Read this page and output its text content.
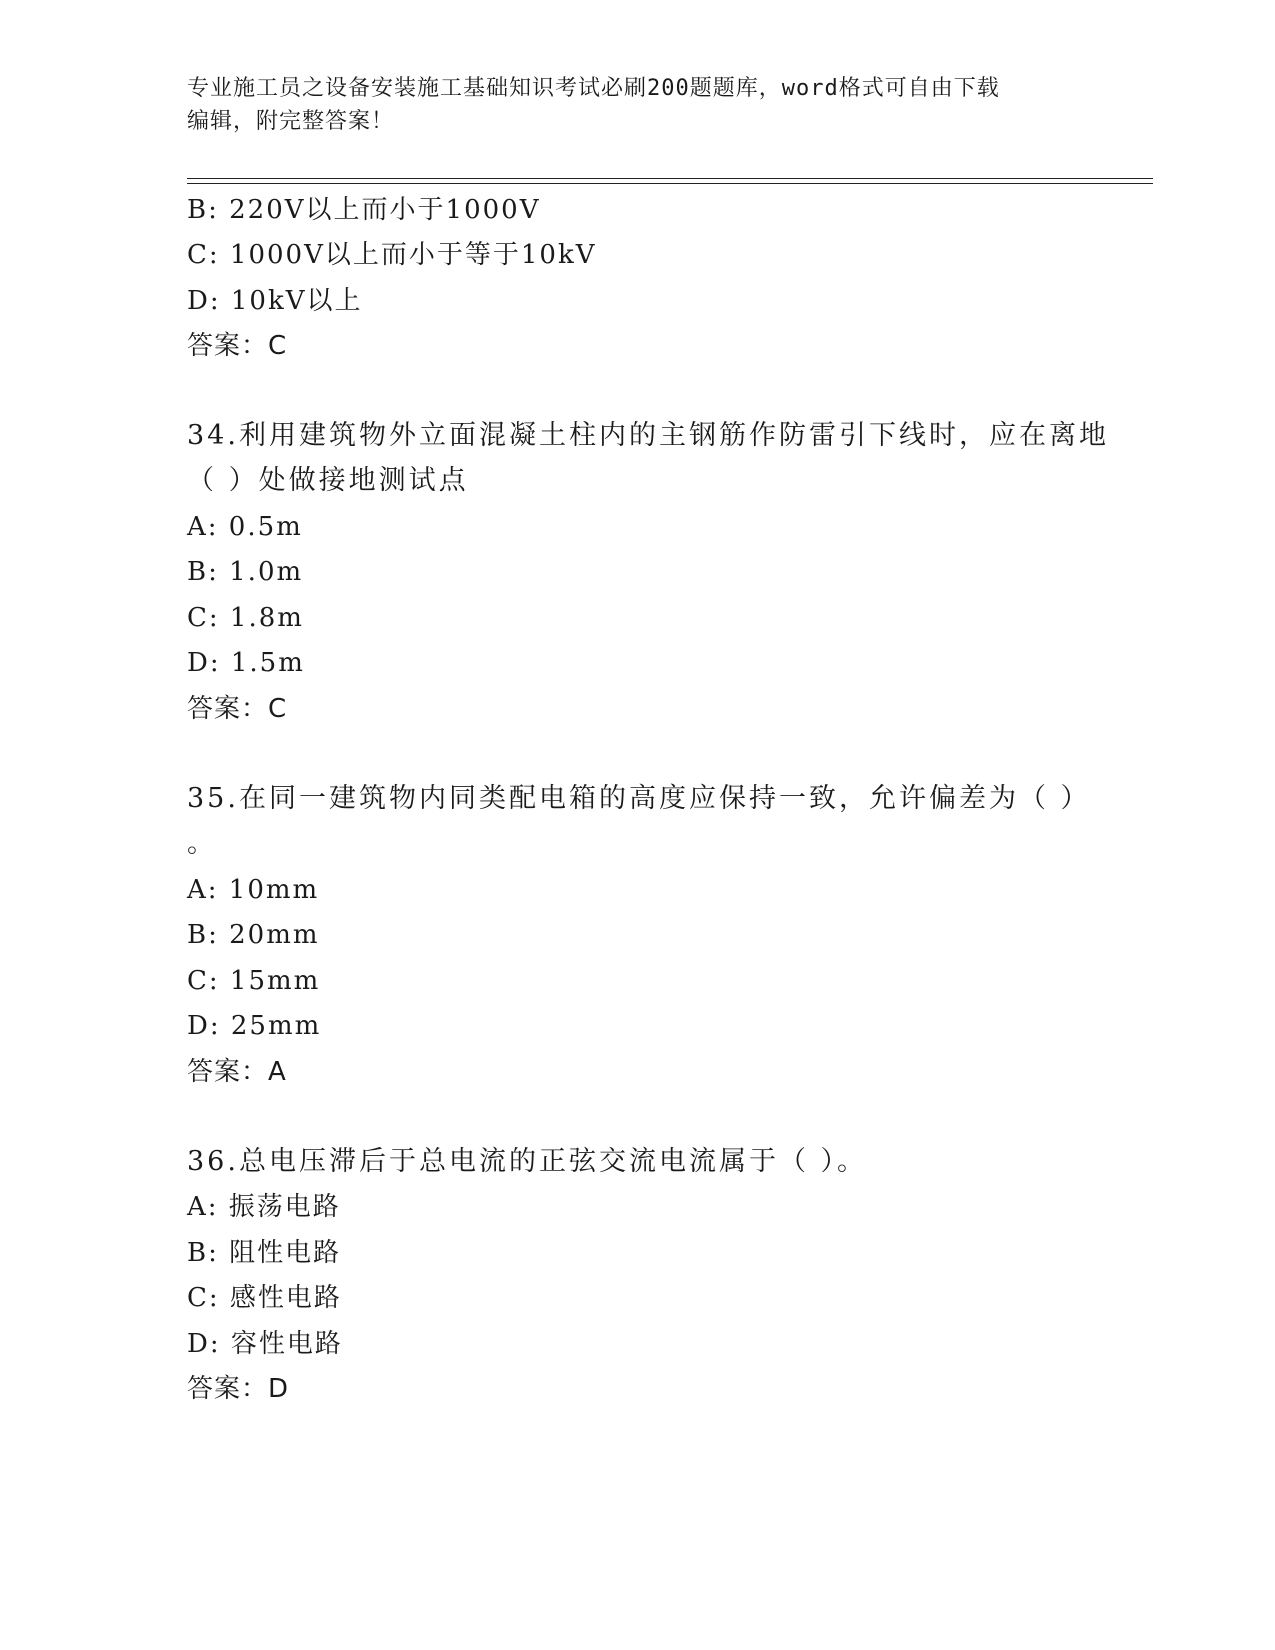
专业施工员之设备安装施工基础知识考试必刷200题题库，word格式可自由下载
编辑，附完整答案！
B: 220V以上而小于1000V
C: 1000V以上而小于等于10kV
D: 10kV以上
答案：C
34.利用建筑物外立面混凝土柱内的主钢筋作防雷引下线时，应在离地
（ ）处做接地测试点
A: 0.5m
B: 1.0m
C: 1.8m
D: 1.5m
答案：C
35.在同一建筑物内同类配电箱的高度应保持一致，允许偏差为（ ）
。
A: 10mm
B: 20mm
C: 15mm
D: 25mm
答案：A
36.总电压滞后于总电流的正弦交流电流属于（ ）。
A: 振荡电路
B: 阻性电路
C: 感性电路
D: 容性电路
答案：D
